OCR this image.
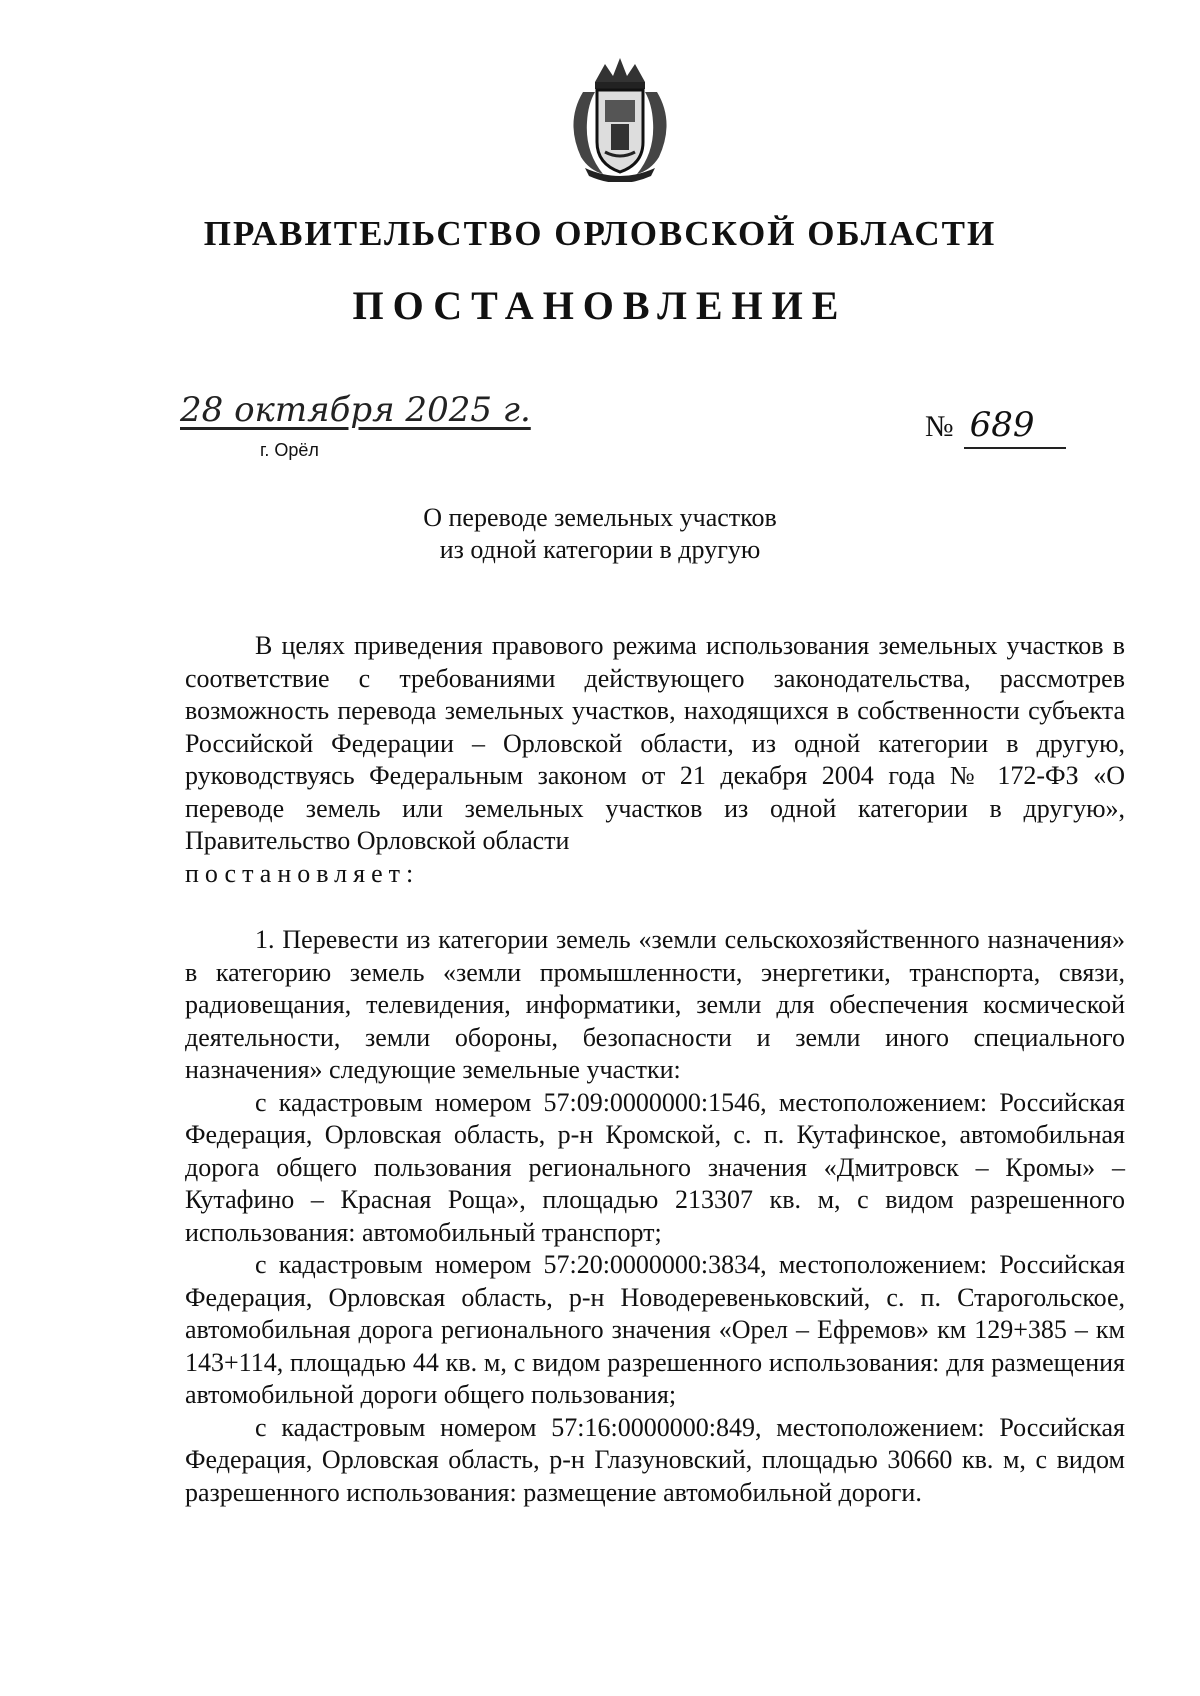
ПРАВИТЕЛЬСТВО ОРЛОВСКОЙ ОБЛАСТИ
ПОСТАНОВЛЕНИЕ
28 октября 2025 г.
г. Орёл
№ 689
О переводе земельных участков
из одной категории в другую

В целях приведения правового режима использования земельных участков в соответствие с требованиями действующего законодательства, рассмотрев возможность перевода земельных участков, находящихся в собственности субъекта Российской Федерации – Орловской области, из одной категории в другую, руководствуясь Федеральным законом от 21 декабря 2004 года № 172-ФЗ «О переводе земель или земельных участков из одной категории в другую», Правительство Орловской области

постановляет:

1. Перевести из категории земель «земли сельскохозяйственного назначения» в категорию земель «земли промышленности, энергетики, транспорта, связи, радиовещания, телевидения, информатики, земли для обеспечения космической деятельности, земли обороны, безопасности и земли иного специального назначения» следующие земельные участки:

с кадастровым номером 57:09:0000000:1546, местоположением: Российская Федерация, Орловская область, р-н Кромской, с. п. Кутафинское, автомобильная дорога общего пользования регионального значения «Дмитровск – Кромы» – Кутафино – Красная Роща», площадью 213307 кв. м, с видом разрешенного использования: автомобильный транспорт;

с кадастровым номером 57:20:0000000:3834, местоположением: Российская Федерация, Орловская область, р-н Новодеревеньковский, с. п. Старогольское, автомобильная дорога регионального значения «Орел – Ефремов» км 129+385 – км 143+114, площадью 44 кв. м, с видом разрешенного использования: для размещения автомобильной дороги общего пользования;

с кадастровым номером 57:16:0000000:849, местоположением: Российская Федерация, Орловская область, р-н Глазуновский, площадью 30660 кв. м, с видом разрешенного использования: размещение автомобильной дороги.
